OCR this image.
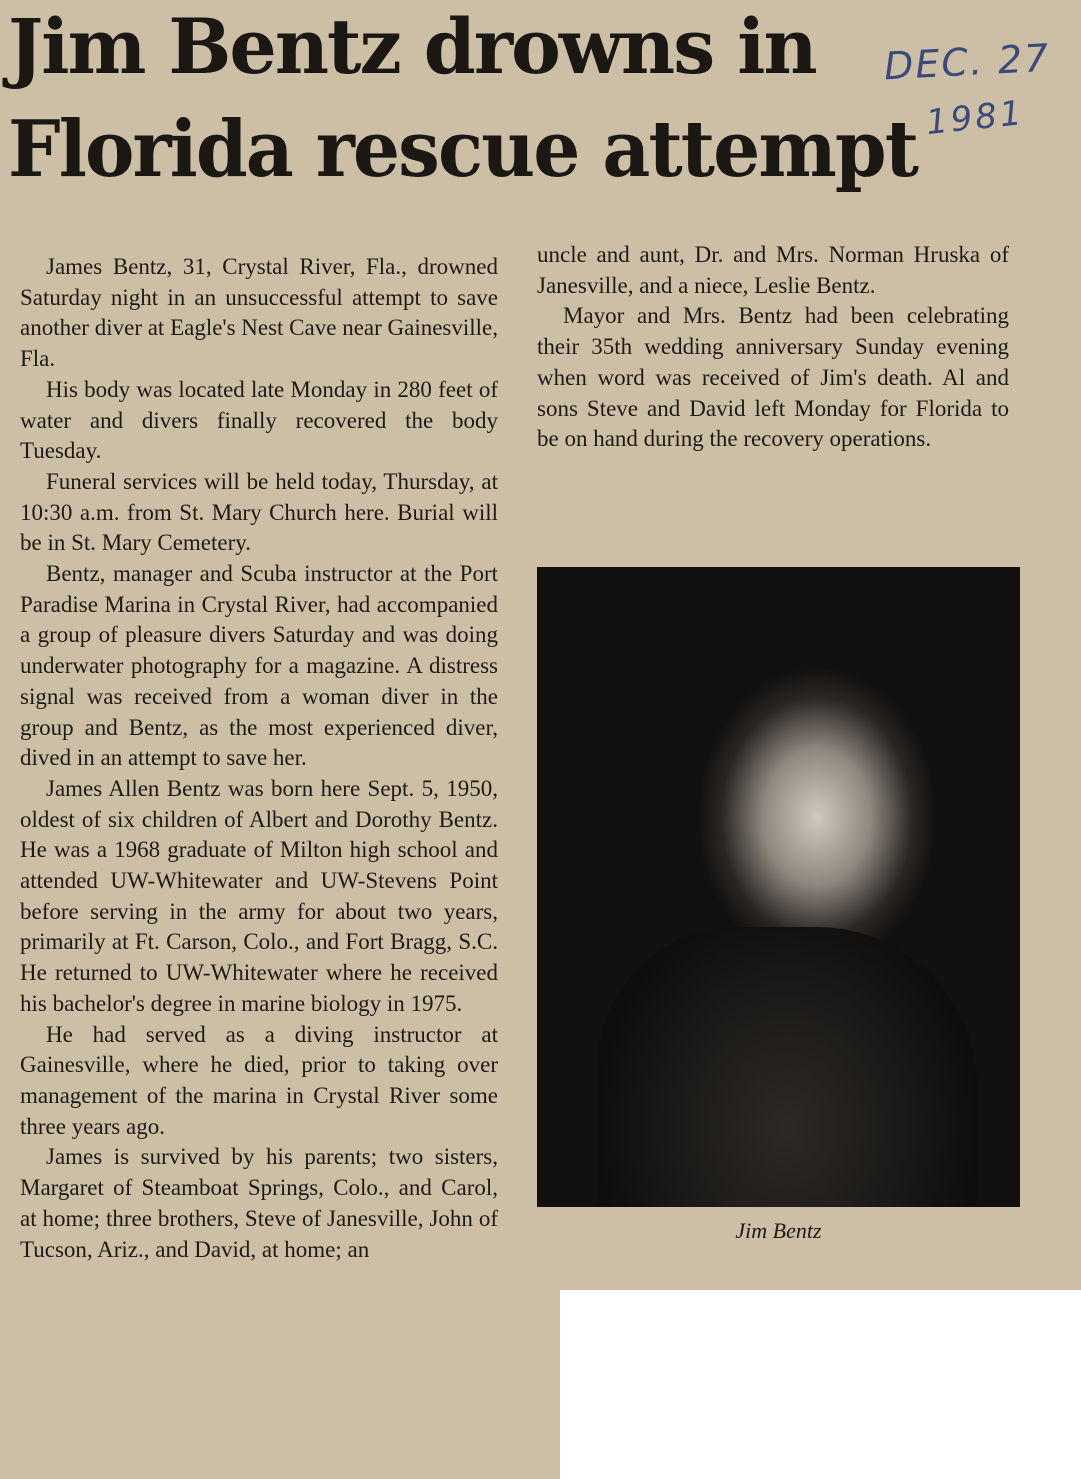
Jim Bentz drowns in
Florida rescue attempt
DEC. 27
1981

James Bentz, 31, Crystal River, Fla., drowned Saturday night in an unsuccessful attempt to save another diver at Eagle's Nest Cave near Gainesville, Fla.

His body was located late Monday in 280 feet of water and divers finally recovered the body Tuesday.

Funeral services will be held today, Thursday, at 10:30 a.m. from St. Mary Church here. Burial will be in St. Mary Cemetery.

Bentz, manager and Scuba instructor at the Port Paradise Marina in Crystal River, had accompanied a group of pleasure divers Saturday and was doing underwater photography for a magazine. A distress signal was received from a woman diver in the group and Bentz, as the most experienced diver, dived in an attempt to save her.

James Allen Bentz was born here Sept. 5, 1950, oldest of six children of Albert and Dorothy Bentz. He was a 1968 graduate of Milton high school and attended UW-Whitewater and UW-Stevens Point before serving in the army for about two years, primarily at Ft. Carson, Colo., and Fort Bragg, S.C. He returned to UW-Whitewater where he received his bachelor's degree in marine biology in 1975.

He had served as a diving instructor at Gainesville, where he died, prior to taking over management of the marina in Crystal River some three years ago.

James is survived by his parents; two sisters, Margaret of Steamboat Springs, Colo., and Carol, at home; three brothers, Steve of Janesville, John of Tucson, Ariz., and David, at home; an

uncle and aunt, Dr. and Mrs. Norman Hruska of Janesville, and a niece, Leslie Bentz.

Mayor and Mrs. Bentz had been celebrating their 35th wedding anniversary Sunday evening when word was received of Jim's death. Al and sons Steve and David left Monday for Florida to be on hand during the recovery operations.

Jim Bentz
